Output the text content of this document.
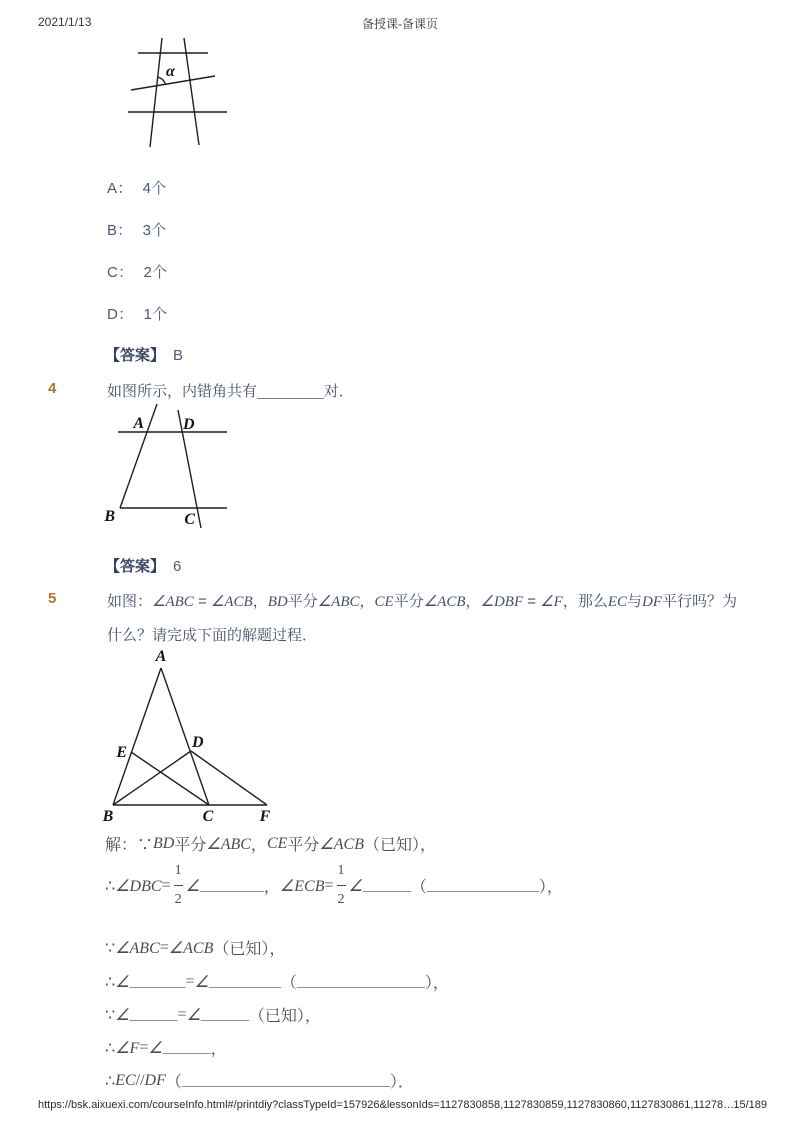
2021/1/13	备授课-备课页
α
A： 4个
B： 3个
C： 2个
D： 1个
【答案】 B
4	如图所示，内错角共有________对．
A D
B	C
【答案】 6
5	如图：∠ABC = ∠ACB，BD平分∠ABC，CE平分∠ACB，∠DBF = ∠F，那么EC与DF平行吗？为
什么？请完成下面的解题过程．
A
B	C	F
E
D
解：∵ BD 平分 ∠ABC ， CE 平分 ∠ACB （已知），
∴ ∠DBC = $\frac{1}{2}$ ∠ ________ ， ∠ECB = $\frac{1}{2}$ ∠ ______ （ ______________ ），
∵ ∠ABC = ∠ACB （已知），
∴ ∠ _______ = ∠ _________ （ ________________ ），
∵ ∠ ______ = ∠ ______ （已知），
∴ ∠F = ∠ ______ ，
∴ EC // DF （ __________________________ ）．
https://bsk.aixuexi.com/courseInfo.html#/printdiy?classTypeId=157926&lessonIds=1127830858,1127830859,1127830860,1127830861,11278… 15/189
